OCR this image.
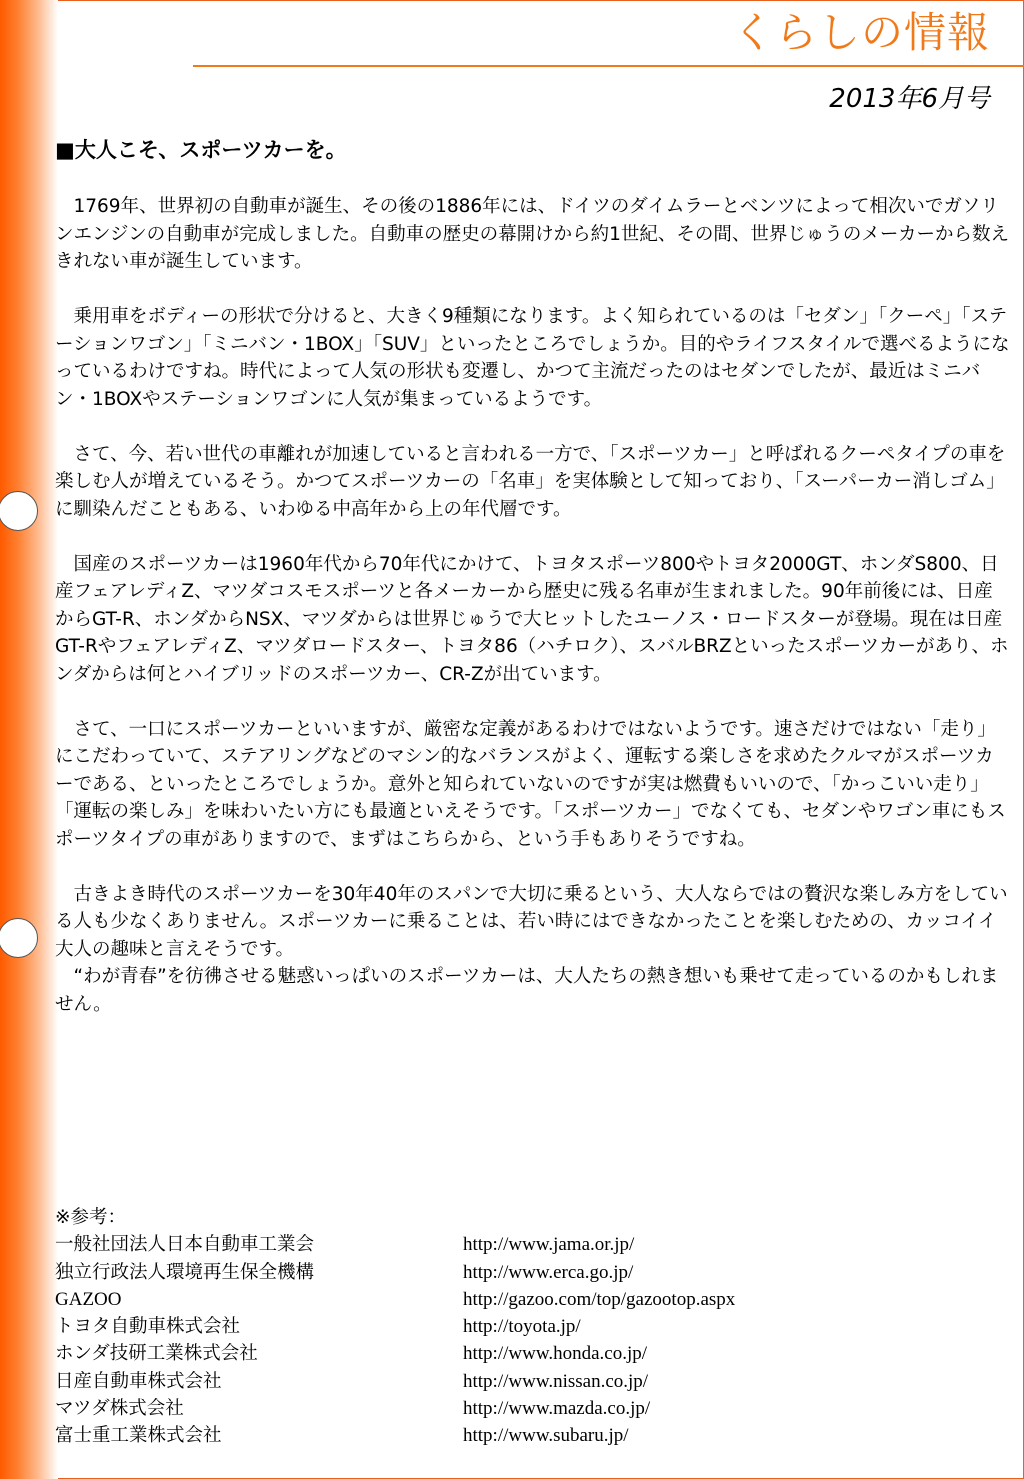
くらしの情報
2013年6月号
■大人こそ、スポーツカーを。

1769年、世界初の自動車が誕生、その後の1886年には、ドイツのダイムラーとベンツによって相次いでガソリンエンジンの自動車が完成しました。自動車の歴史の幕開けから約1世紀、その間、世界じゅうのメーカーから数えきれない車が誕生しています。

乗用車をボディーの形状で分けると、大きく9種類になります。よく知られているのは「セダン」「クーペ」「ステーションワゴン」「ミニバン・1BOX」「SUV」といったところでしょうか。目的やライフスタイルで選べるようになっているわけですね。時代によって人気の形状も変遷し、かつて主流だったのはセダンでしたが、最近はミニバン・1BOXやステーションワゴンに人気が集まっているようです。

さて、今、若い世代の車離れが加速していると言われる一方で、「スポーツカー」と呼ばれるクーペタイプの車を楽しむ人が増えているそう。かつてスポーツカーの「名車」を実体験として知っており、「スーパーカー消しゴム」に馴染んだこともある、いわゆる中高年から上の年代層です。

国産のスポーツカーは1960年代から70年代にかけて、トヨタスポーツ800やトヨタ2000GT、ホンダS800、日産フェアレディZ、マツダコスモスポーツと各メーカーから歴史に残る名車が生まれました。90年前後には、日産からGT-R、ホンダからNSX、マツダからは世界じゅうで大ヒットしたユーノス・ロードスターが登場。現在は日産GT-RやフェアレディZ、マツダロードスター、トヨタ86（ハチロク）、スバルBRZといったスポーツカーがあり、ホンダからは何とハイブリッドのスポーツカー、CR-Zが出ています。

さて、一口にスポーツカーといいますが、厳密な定義があるわけではないようです。速さだけではない「走り」にこだわっていて、ステアリングなどのマシン的なバランスがよく、運転する楽しさを求めたクルマがスポーツカーである、といったところでしょうか。意外と知られていないのですが実は燃費もいいので、「かっこいい走り」「運転の楽しみ」を味わいたい方にも最適といえそうです。「スポーツカー」でなくても、セダンやワゴン車にもスポーツタイプの車がありますので、まずはこちらから、という手もありそうですね。

古きよき時代のスポーツカーを30年40年のスパンで大切に乗るという、大人ならではの贅沢な楽しみ方をしている人も少なくありません。スポーツカーに乗ることは、若い時にはできなかったことを楽しむための、カッコイイ大人の趣味と言えそうです。

“わが青春”を彷彿させる魅惑いっぱいのスポーツカーは、大人たちの熱き想いも乗せて走っているのかもしれません。

※参考：
一般社団法人日本自動車工業会	http://www.jama.or.jp/
独立行政法人環境再生保全機構	http://www.erca.go.jp/
GAZOO	http://gazoo.com/top/gazootop.aspx
トヨタ自動車株式会社	http://toyota.jp/
ホンダ技研工業株式会社	http://www.honda.co.jp/
日産自動車株式会社	http://www.nissan.co.jp/
マツダ株式会社	http://www.mazda.co.jp/
富士重工業株式会社	http://www.subaru.jp/
